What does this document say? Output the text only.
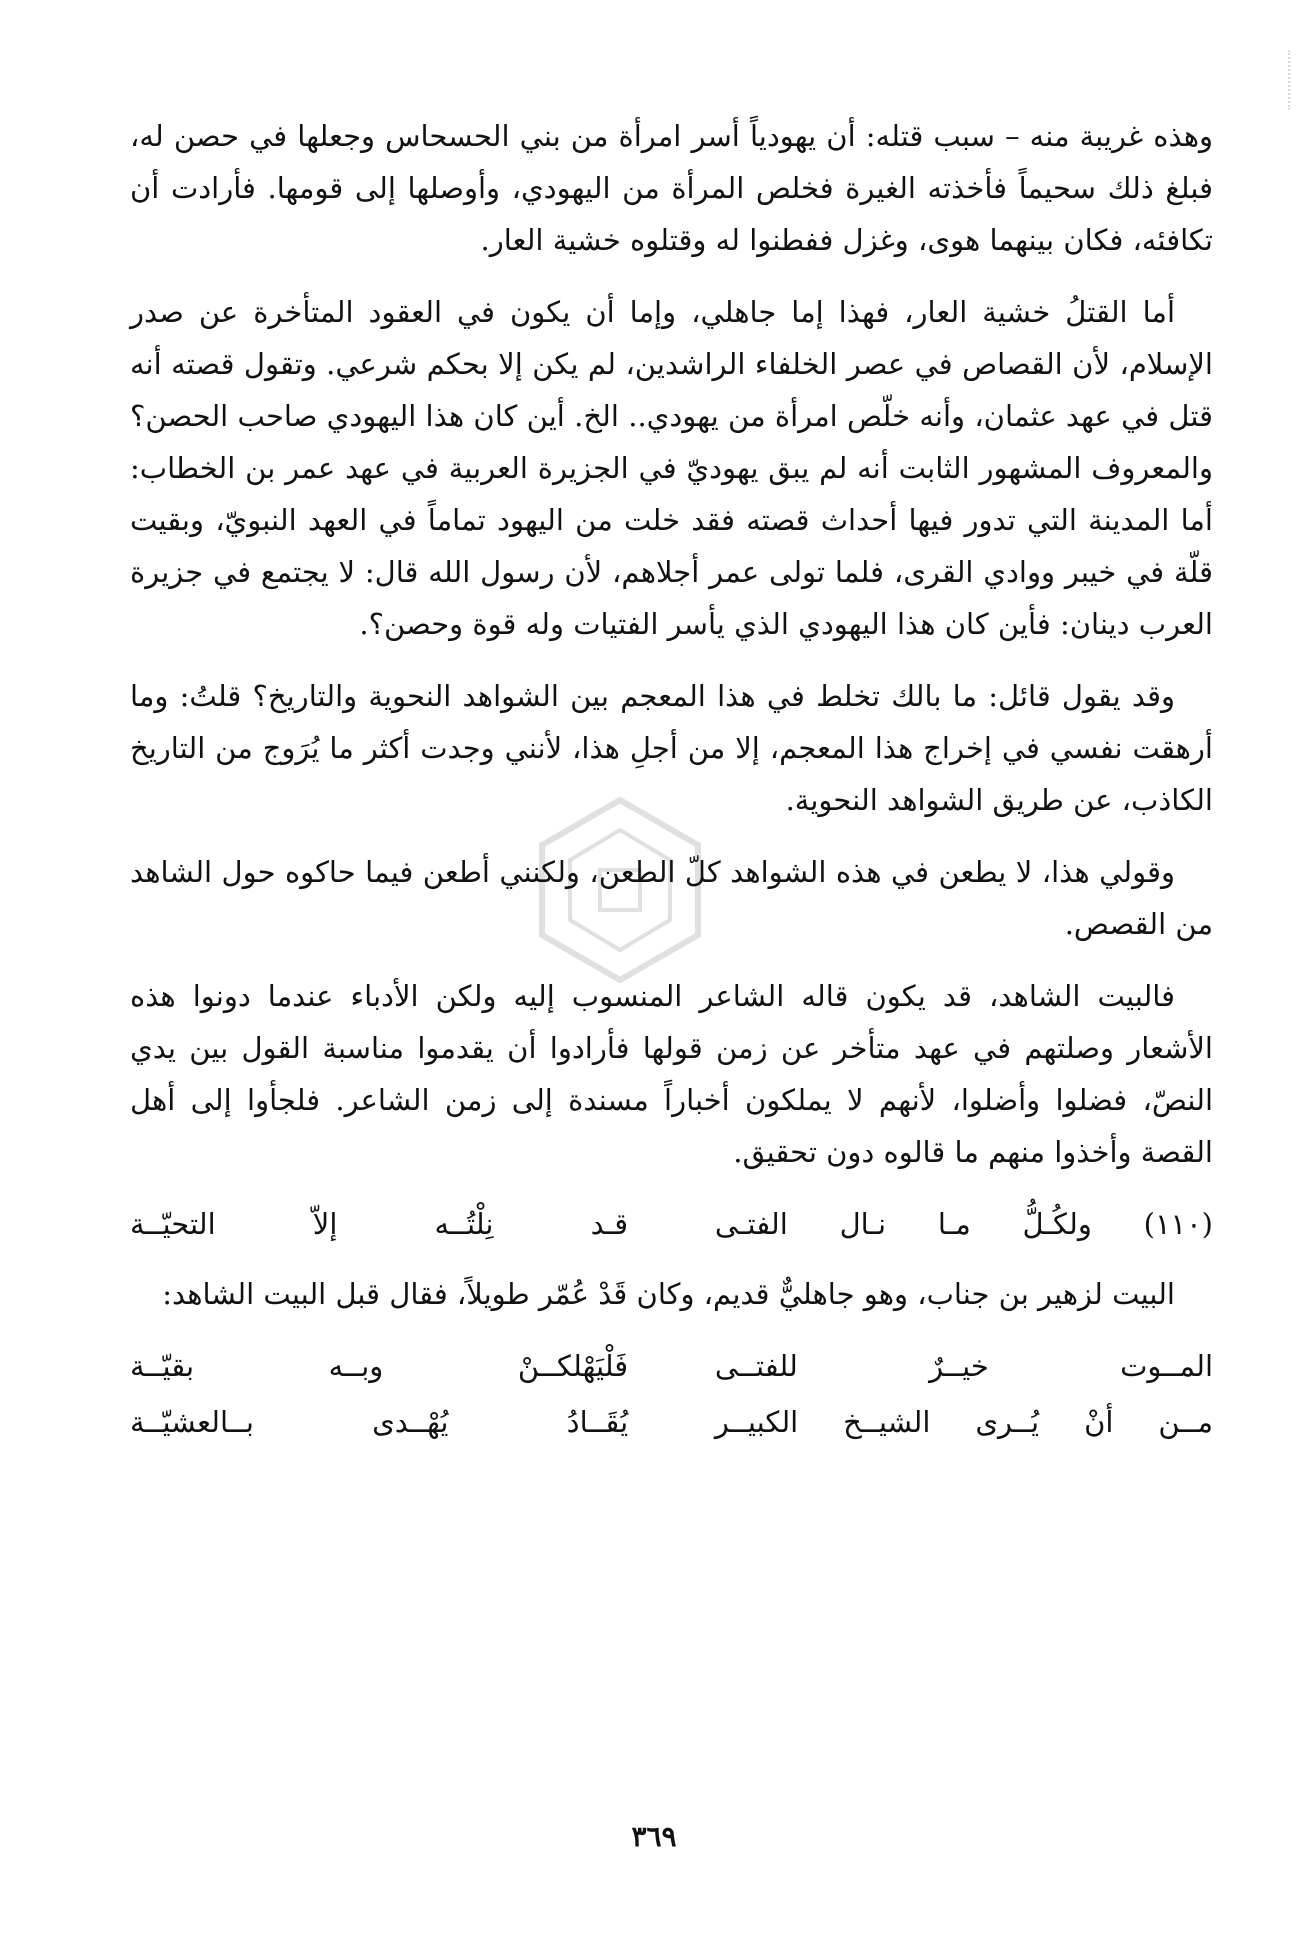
وهذه غريبة منه – سبب قتله: أن يهودياً أسر امرأة من بني الحسحاس وجعلها في حصن له، فبلغ ذلك سحيماً فأخذته الغيرة فخلص المرأة من اليهودي، وأوصلها إلى قومها. فأرادت أن تكافئه، فكان بينهما هوى، وغزل ففطنوا له وقتلوه خشية العار.

أما القتلُ خشية العار، فهذا إما جاهلي، وإما أن يكون في العقود المتأخرة عن صدر الإسلام، لأن القصاص في عصر الخلفاء الراشدين، لم يكن إلا بحكم شرعي. وتقول قصته أنه قتل في عهد عثمان، وأنه خلّص امرأة من يهودي.. الخ. أين كان هذا اليهودي صاحب الحصن؟ والمعروف المشهور الثابت أنه لم يبق يهوديّ في الجزيرة العربية في عهد عمر بن الخطاب: أما المدينة التي تدور فيها أحداث قصته فقد خلت من اليهود تماماً في العهد النبويّ، وبقيت قلّة في خيبر ووادي القرى، فلما تولى عمر أجلاهم، لأن رسول الله قال: لا يجتمع في جزيرة العرب دينان: فأين كان هذا اليهودي الذي يأسر الفتيات وله قوة وحصن؟.

وقد يقول قائل: ما بالك تخلط في هذا المعجم بين الشواهد النحوية والتاريخ؟ قلتُ: وما أرهقت نفسي في إخراج هذا المعجم، إلا من أجلِ هذا، لأنني وجدت أكثر ما يُرَوج من التاريخ الكاذب، عن طريق الشواهد النحوية.

وقولي هذا، لا يطعن في هذه الشواهد كلّ الطعن، ولكنني أطعن فيما حاكوه حول الشاهد من القصص.

فالبيت الشاهد، قد يكون قاله الشاعر المنسوب إليه ولكن الأدباء عندما دونوا هذه الأشعار وصلتهم في عهد متأخر عن زمن قولها فأرادوا أن يقدموا مناسبة القول بين يدي النصّ، فضلوا وأضلوا، لأنهم لا يملكون أخباراً مسندة إلى زمن الشاعر. فلجأوا إلى أهل القصة وأخذوا منهم ما قالوه دون تحقيق.

(١١٠) ولكُـلُّ مـا نـال الفتـى
قـد نِلْتُــه إلاّ التحيّــة

البيت لزهير بن جناب، وهو جاهليٌّ قديم، وكان قَدْ عُمّر طويلاً، فقال قبل البيت الشاهد:

المــوت خيــرٌ للفتــى
فَلْيَهْلكــنْ وبــه بقيّــة
مــن أنْ يُــرى الشيــخ الكبيــر
يُقَــادُ يُهْــدى بــالعشيّــة
٣٦٩
